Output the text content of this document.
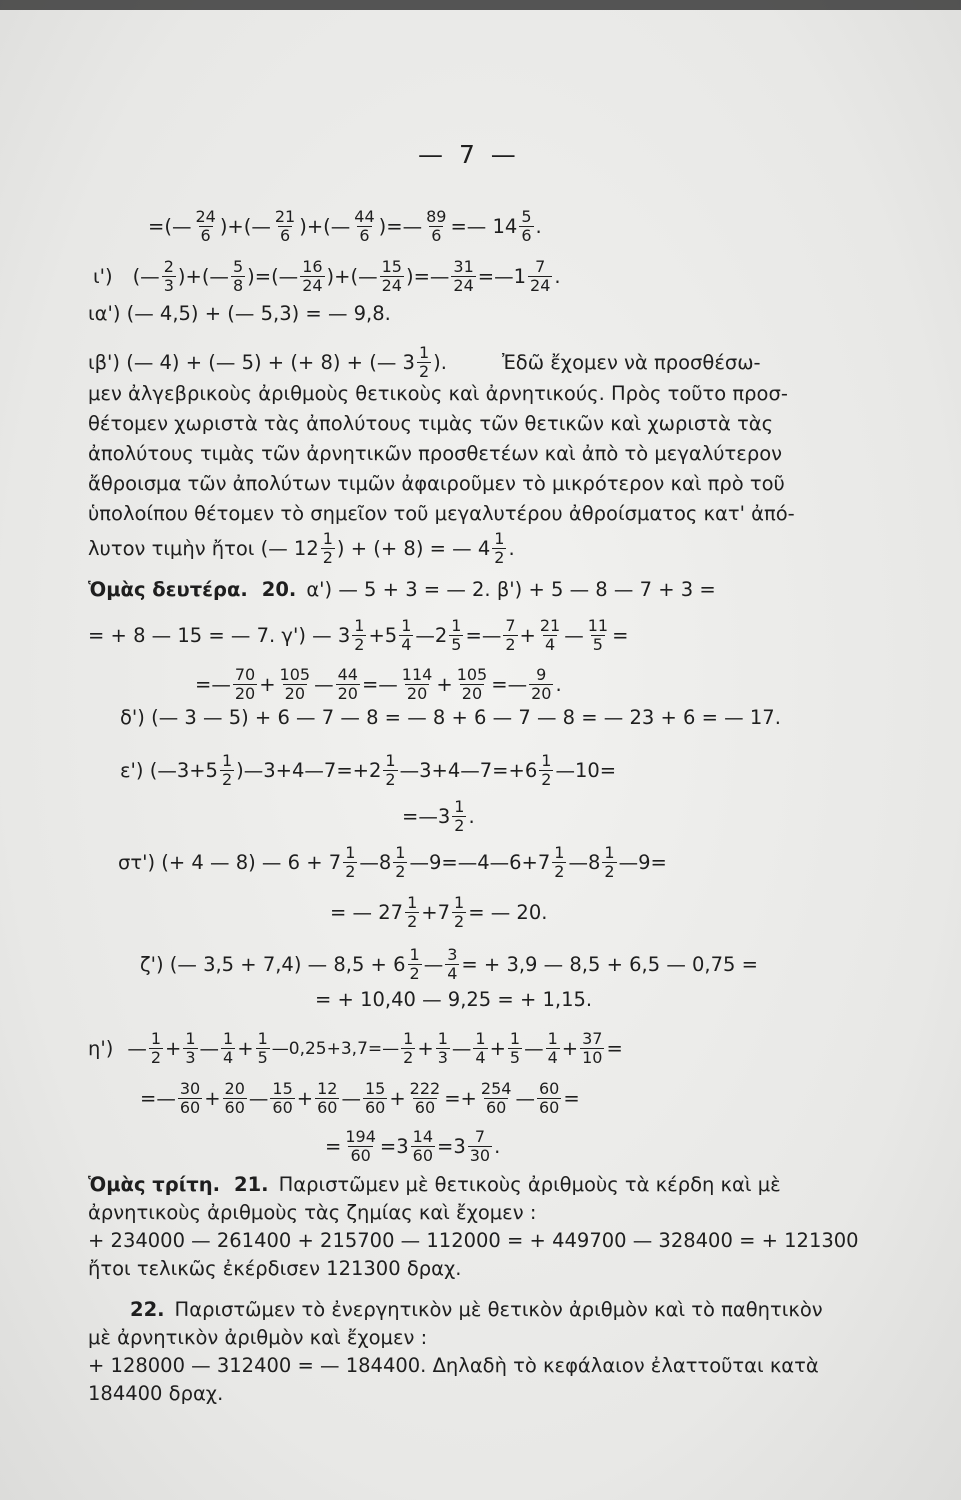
— 7 —
=(— $\frac{24}{6}$ )+(— $\frac{21}{6}$ )+(— $\frac{44}{6}$ )=— $\frac{89}{6}$ =— $14 \frac{5}{6}$ .
ι') (— $\frac{2}{3}$ )+(— $\frac{5}{8}$ )=(— $\frac{16}{24}$ )+(— $\frac{15}{24}$ )=— $\frac{31}{24}$ =—1 $\frac{7}{24}$ .
ια') (— 4,5) + (— 5,3) = — 9,8.
ιβ') (— 4) + (— 5) + (+ 8) + (— $3 \frac{1}{2}$ ).	Ἐδῶ ἔχομεν νὰ προσθέσω-
μεν ἀλγεβρικοὺς ἀριθμοὺς θετικοὺς καὶ ἀρνητικούς. Πρὸς τοῦτο προσ-
θέτομεν χωριστὰ τὰς ἀπολύτους τιμὰς τῶν θετικῶν καὶ χωριστὰ τὰς
ἀπολύτους τιμὰς τῶν ἀρνητικῶν προσθετέων καὶ ἀπὸ τὸ μεγαλύτερον
ἄθροισμα τῶν ἀπολύτων τιμῶν ἀφαιροῦμεν τὸ μικρότερον καὶ πρὸ τοῦ
ὑπολοίπου θέτομεν τὸ σημεῖον τοῦ μεγαλυτέρου ἀθροίσματος κατ' ἀπό-
λυτον τιμὴν ἤτοι (— $12 \frac{1}{2}$ ) + (+ 8) = — $4 \frac{1}{2}$ .
Ὁμὰς δευτέρα. 20. α') — 5 + 3 = — 2. β') + 5 — 8 — 7 + 3 =
= + 8 — 15 = — 7. γ') — $3 \frac{1}{2} +5 \frac{1}{4}$ —2 $\frac{1}{5}$ =— $\frac{7}{2} + \frac{21}{4}$ — $\frac{11}{5}$ =
=— $\frac{70}{20} + \frac{105}{20}$ — $\frac{44}{20}$ =— $\frac{114}{20} + \frac{105}{20}$ =— $\frac{9}{20}$ .
δ') (— 3 — 5) + 6 — 7 — 8 = — 8 + 6 — 7 — 8 = — 23 + 6 = — 17.
ε') (—3+5 $\frac{1}{2}$ )—3+4—7=+2 $\frac{1}{2}$ —3+4—7=+6 $\frac{1}{2}$ —10=
=—3 $\frac{1}{2}$ .
στ') (+ 4 — 8) — $6 + 7 \frac{1}{2}$ —8 $\frac{1}{2}$ —9=—4—6+7 $\frac{1}{2}$ —8 $\frac{1}{2}$ —9=
= — $27 \frac{1}{2} +7 \frac{1}{2}$ = — 20.
ζ') (— 3,5 + 7,4) — $8,5 + 6 \frac{1}{2}$ — $\frac{3}{4}$ = + 3,9 — 8,5 + 6,5 — 0,75 =
= + 10,40 — 9,25 = + 1,15.
η') — $\frac{1}{2} + \frac{1}{3}$ — $\frac{1}{4} + \frac{1}{5}$ —0,25+3,7=— $\frac{1}{2} + \frac{1}{3}$ — $\frac{1}{4} + \frac{1}{5}$ — $\frac{1}{4} + \frac{37}{10}$ =
=— $\frac{30}{60} + \frac{20}{60}$ — $\frac{15}{60} + \frac{12}{60}$ — $\frac{15}{60} + \frac{222}{60} =+ \frac{254}{60}$ — $\frac{60}{60}$ =
= $\frac{194}{60} =3 \frac{14}{60} =3 \frac{7}{30}$ .
Ὁμὰς τρίτη. 21. Παριστῶμεν μὲ θετικοὺς ἀριθμοὺς τὰ κέρδη καὶ μὲ
ἀρνητικοὺς ἀριθμοὺς τὰς ζημίας καὶ ἔχομεν :
+ 234000 — 261400 + 215700 — 112000 = + 449700 — 328400 = + 121300
ἤτοι τελικῶς ἐκέρδισεν 121300 δραχ.
22. Παριστῶμεν τὸ ἐνεργητικὸν μὲ θετικὸν ἀριθμὸν καὶ τὸ παθητικὸν
μὲ ἀρνητικὸν ἀριθμὸν καὶ ἔχομεν :
+ 128000 — 312400 = — 184400. Δηλαδὴ τὸ κεφάλαιον ἐλαττοῦται κατὰ
184400 δραχ.
